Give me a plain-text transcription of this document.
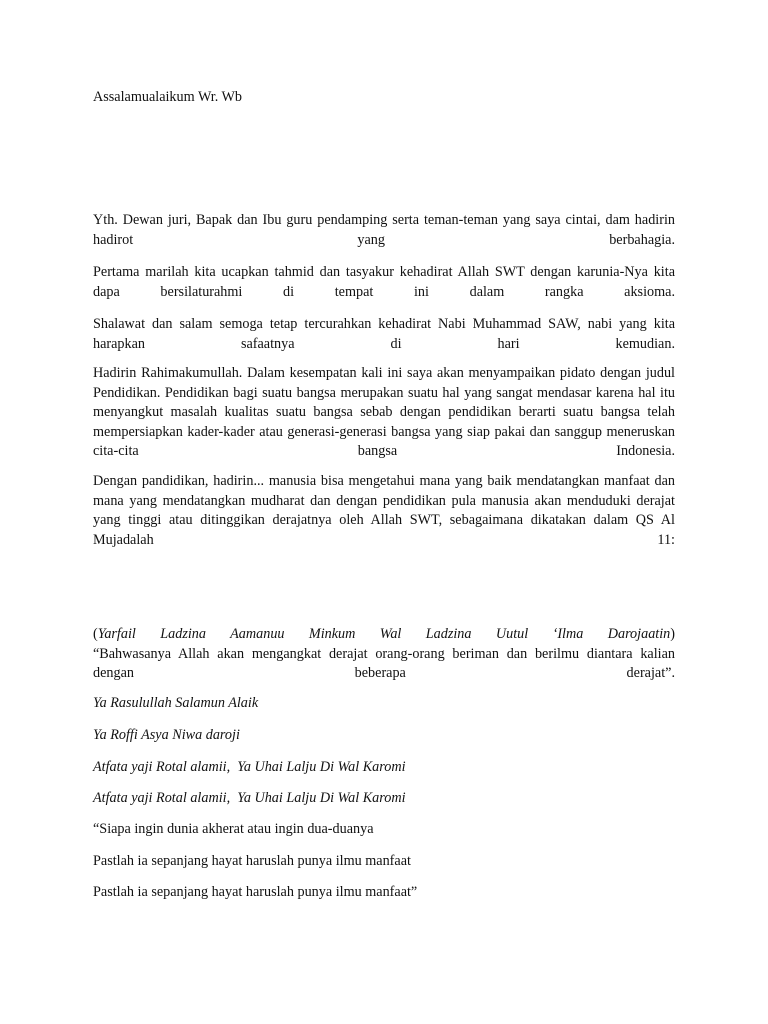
Assalamualaikum Wr. Wb

Yth. Dewan juri, Bapak dan Ibu guru pendamping serta teman-teman yang saya cintai, dam hadirin hadirot yang berbahagia.

Pertama marilah kita ucapkan tahmid dan tasyakur kehadirat Allah SWT dengan karunia-Nya kita dapa bersilaturahmi di tempat ini dalam rangka aksioma.

Shalawat dan salam semoga tetap tercurahkan kehadirat Nabi Muhammad SAW, nabi yang kita harapkan safaatnya di hari kemudian.

Hadirin Rahimakumullah. Dalam kesempatan kali ini saya akan menyampaikan pidato dengan judul Pendidikan. Pendidikan bagi suatu bangsa merupakan suatu hal yang sangat mendasar karena hal itu menyangkut masalah kualitas suatu bangsa sebab dengan pendidikan berarti suatu bangsa telah mempersiapkan kader-kader atau generasi-generasi bangsa yang siap pakai dan sanggup meneruskan cita-cita bangsa Indonesia.

Dengan pandidikan, hadirin... manusia bisa mengetahui mana yang baik mendatangkan manfaat dan mana yang mendatangkan mudharat dan dengan pendidikan pula manusia akan menduduki derajat yang tinggi atau ditinggikan derajatnya oleh Allah SWT, sebagaimana dikatakan dalam QS Al Mujadalah 11:

(Yarfail Ladzina Aamanuu Minkum Wal Ladzina Uutul ‘Ilma Darojaatin)

“Bahwasanya Allah akan mengangkat derajat orang-orang beriman dan berilmu diantara kalian dengan beberapa derajat”.

Ya Rasulullah Salamun Alaik

Ya Roffi Asya Niwa daroji

Atfata yaji Rotal alamii,  Ya Uhai Lalju Di Wal Karomi

Atfata yaji Rotal alamii,  Ya Uhai Lalju Di Wal Karomi

“Siapa ingin dunia akherat atau ingin dua-duanya

Pastlah ia sepanjang hayat haruslah punya ilmu manfaat

Pastlah ia sepanjang hayat haruslah punya ilmu manfaat”
